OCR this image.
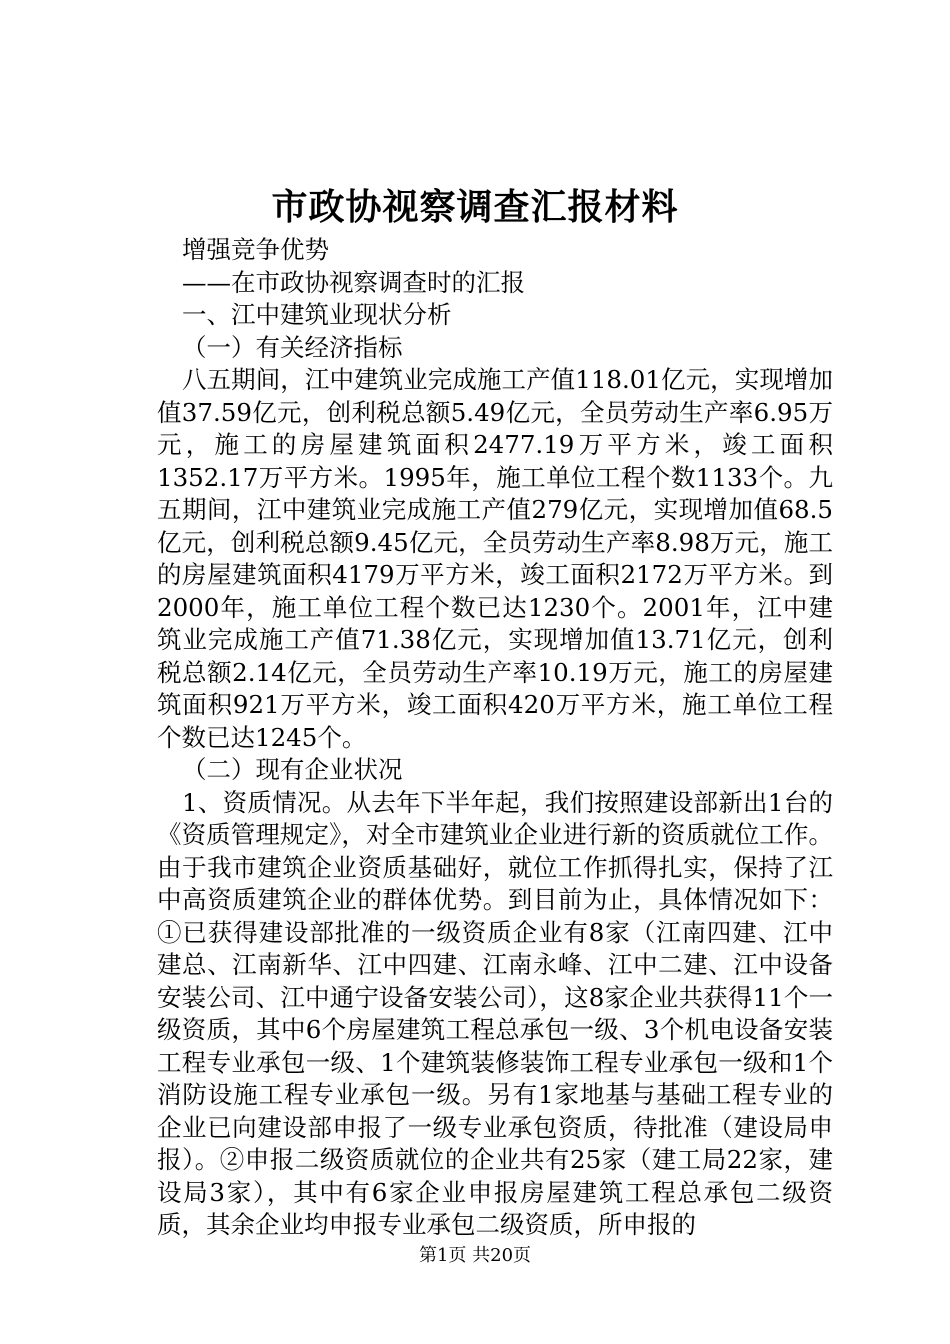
市政协视察调查汇报材料

增强竞争优势

——在市政协视察调查时的汇报

一、江中建筑业现状分析

（一）有关经济指标

八五期间，江中建筑业完成施工产值118.01亿元，实现增加值37.59亿元，创利税总额5.49亿元，全员劳动生产率6.95万元，施工的房屋建筑面积2477.19万平方米，竣工面积1352.17万平方米。1995年，施工单位工程个数1133个。九五期间，江中建筑业完成施工产值279亿元，实现增加值68.5亿元，创利税总额9.45亿元，全员劳动生产率8.98万元，施工的房屋建筑面积4179万平方米，竣工面积2172万平方米。到2000年，施工单位工程个数已达1230个。2001年，江中建筑业完成施工产值71.38亿元，实现增加值13.71亿元，创利税总额2.14亿元，全员劳动生产率10.19万元，施工的房屋建筑面积921万平方米，竣工面积420万平方米，施工单位工程个数已达1245个。

（二）现有企业状况

1、资质情况。从去年下半年起，我们按照建设部新出1台的《资质管理规定》，对全市建筑业企业进行新的资质就位工作。由于我市建筑企业资质基础好，就位工作抓得扎实，保持了江中高资质建筑企业的群体优势。到目前为止，具体情况如下：①已获得建设部批准的一级资质企业有8家（江南四建、江中建总、江南新华、江中四建、江南永峰、江中二建、江中设备安装公司、江中通宁设备安装公司），这8家企业共获得11个一级资质，其中6个房屋建筑工程总承包一级、3个机电设备安装工程专业承包一级、1个建筑装修装饰工程专业承包一级和1个消防设施工程专业承包一级。另有1家地基与基础工程专业的企业已向建设部申报了一级专业承包资质，待批准（建设局申报）。②申报二级资质就位的企业共有25家（建工局22家，建设局3家），其中有6家企业申报房屋建筑工程总承包二级资质，其余企业均申报专业承包二级资质，所申报的

第1页 共20页
